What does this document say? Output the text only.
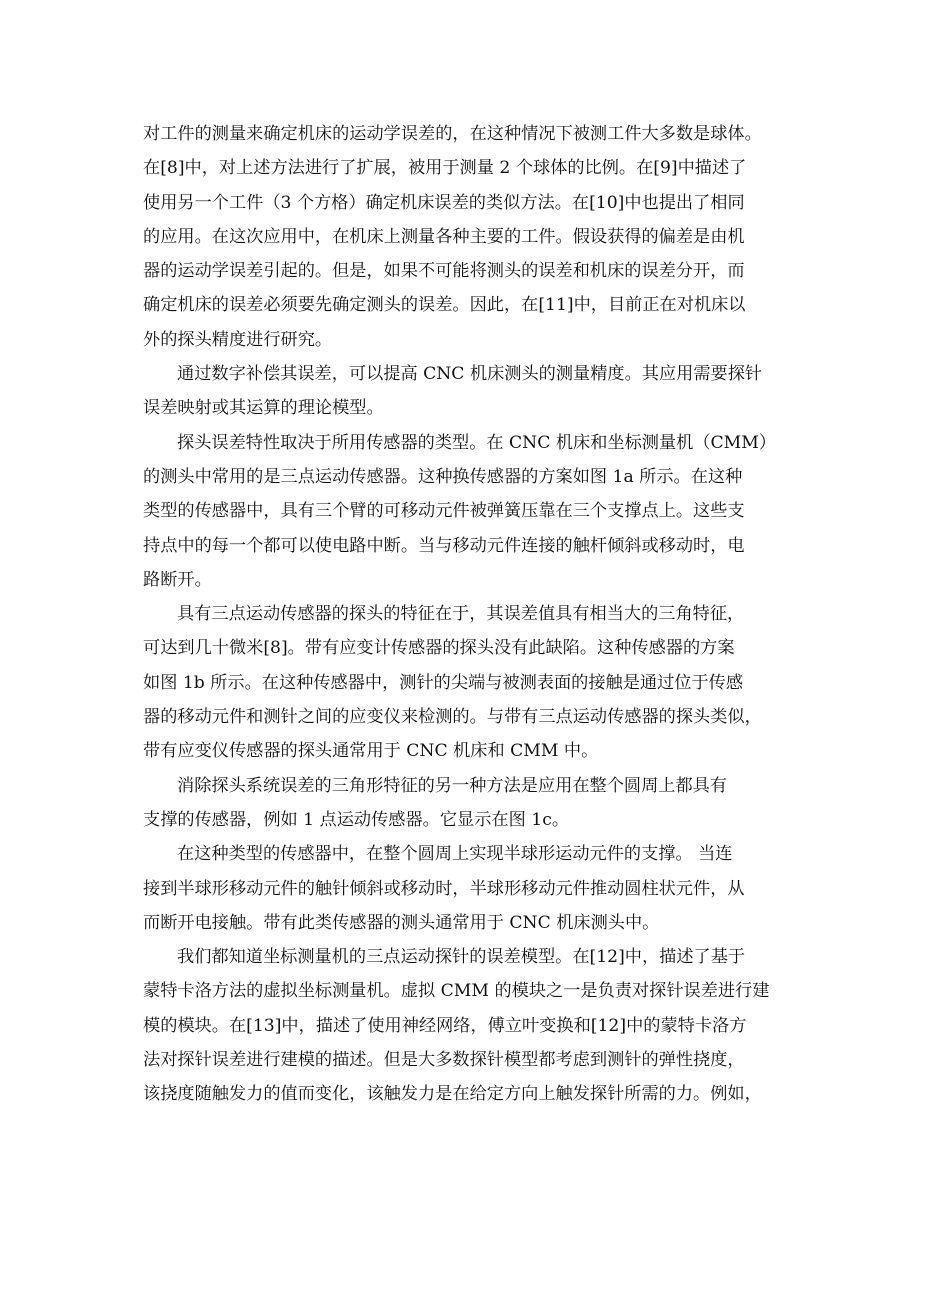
对工件的测量来确定机床的运动学误差的，在这种情况下被测工件大多数是球体。
在[8]中，对上述方法进行了扩展，被用于测量 2 个球体的比例。在[9]中描述了
使用另一个工件（3 个方格）确定机床误差的类似方法。在[10]中也提出了相同
的应用。在这次应用中，在机床上测量各种主要的工件。假设获得的偏差是由机
器的运动学误差引起的。但是，如果不可能将测头的误差和机床的误差分开，而
确定机床的误差必须要先确定测头的误差。因此，在[11]中，目前正在对机床以
外的探头精度进行研究。
通过数字补偿其误差，可以提高 CNC 机床测头的测量精度。其应用需要探针
误差映射或其运算的理论模型。
探头误差特性取决于所用传感器的类型。在 CNC 机床和坐标测量机（CMM）
的测头中常用的是三点运动传感器。这种换传感器的方案如图 1a 所示。在这种
类型的传感器中，具有三个臂的可移动元件被弹簧压靠在三个支撑点上。这些支
持点中的每一个都可以使电路中断。当与移动元件连接的触杆倾斜或移动时，电
路断开。
具有三点运动传感器的探头的特征在于，其误差值具有相当大的三角特征，
可达到几十微米[8]。带有应变计传感器的探头没有此缺陷。这种传感器的方案
如图 1b 所示。在这种传感器中，测针的尖端与被测表面的接触是通过位于传感
器的移动元件和测针之间的应变仪来检测的。与带有三点运动传感器的探头类似，
带有应变仪传感器的探头通常用于 CNC 机床和 CMM 中。
消除探头系统误差的三角形特征的另一种方法是应用在整个圆周上都具有
支撑的传感器，例如 1 点运动传感器。它显示在图 1c。
在这种类型的传感器中，在整个圆周上实现半球形运动元件的支撑。 当连
接到半球形移动元件的触针倾斜或移动时，半球形移动元件推动圆柱状元件，从
而断开电接触。带有此类传感器的测头通常用于 CNC 机床测头中。
我们都知道坐标测量机的三点运动探针的误差模型。在[12]中，描述了基于
蒙特卡洛方法的虚拟坐标测量机。虚拟 CMM 的模块之一是负责对探针误差进行建
模的模块。在[13]中，描述了使用神经网络，傅立叶变换和[12]中的蒙特卡洛方
法对探针误差进行建模的描述。但是大多数探针模型都考虑到测针的弹性挠度，
该挠度随触发力的值而变化，该触发力是在给定方向上触发探针所需的力。例如，
